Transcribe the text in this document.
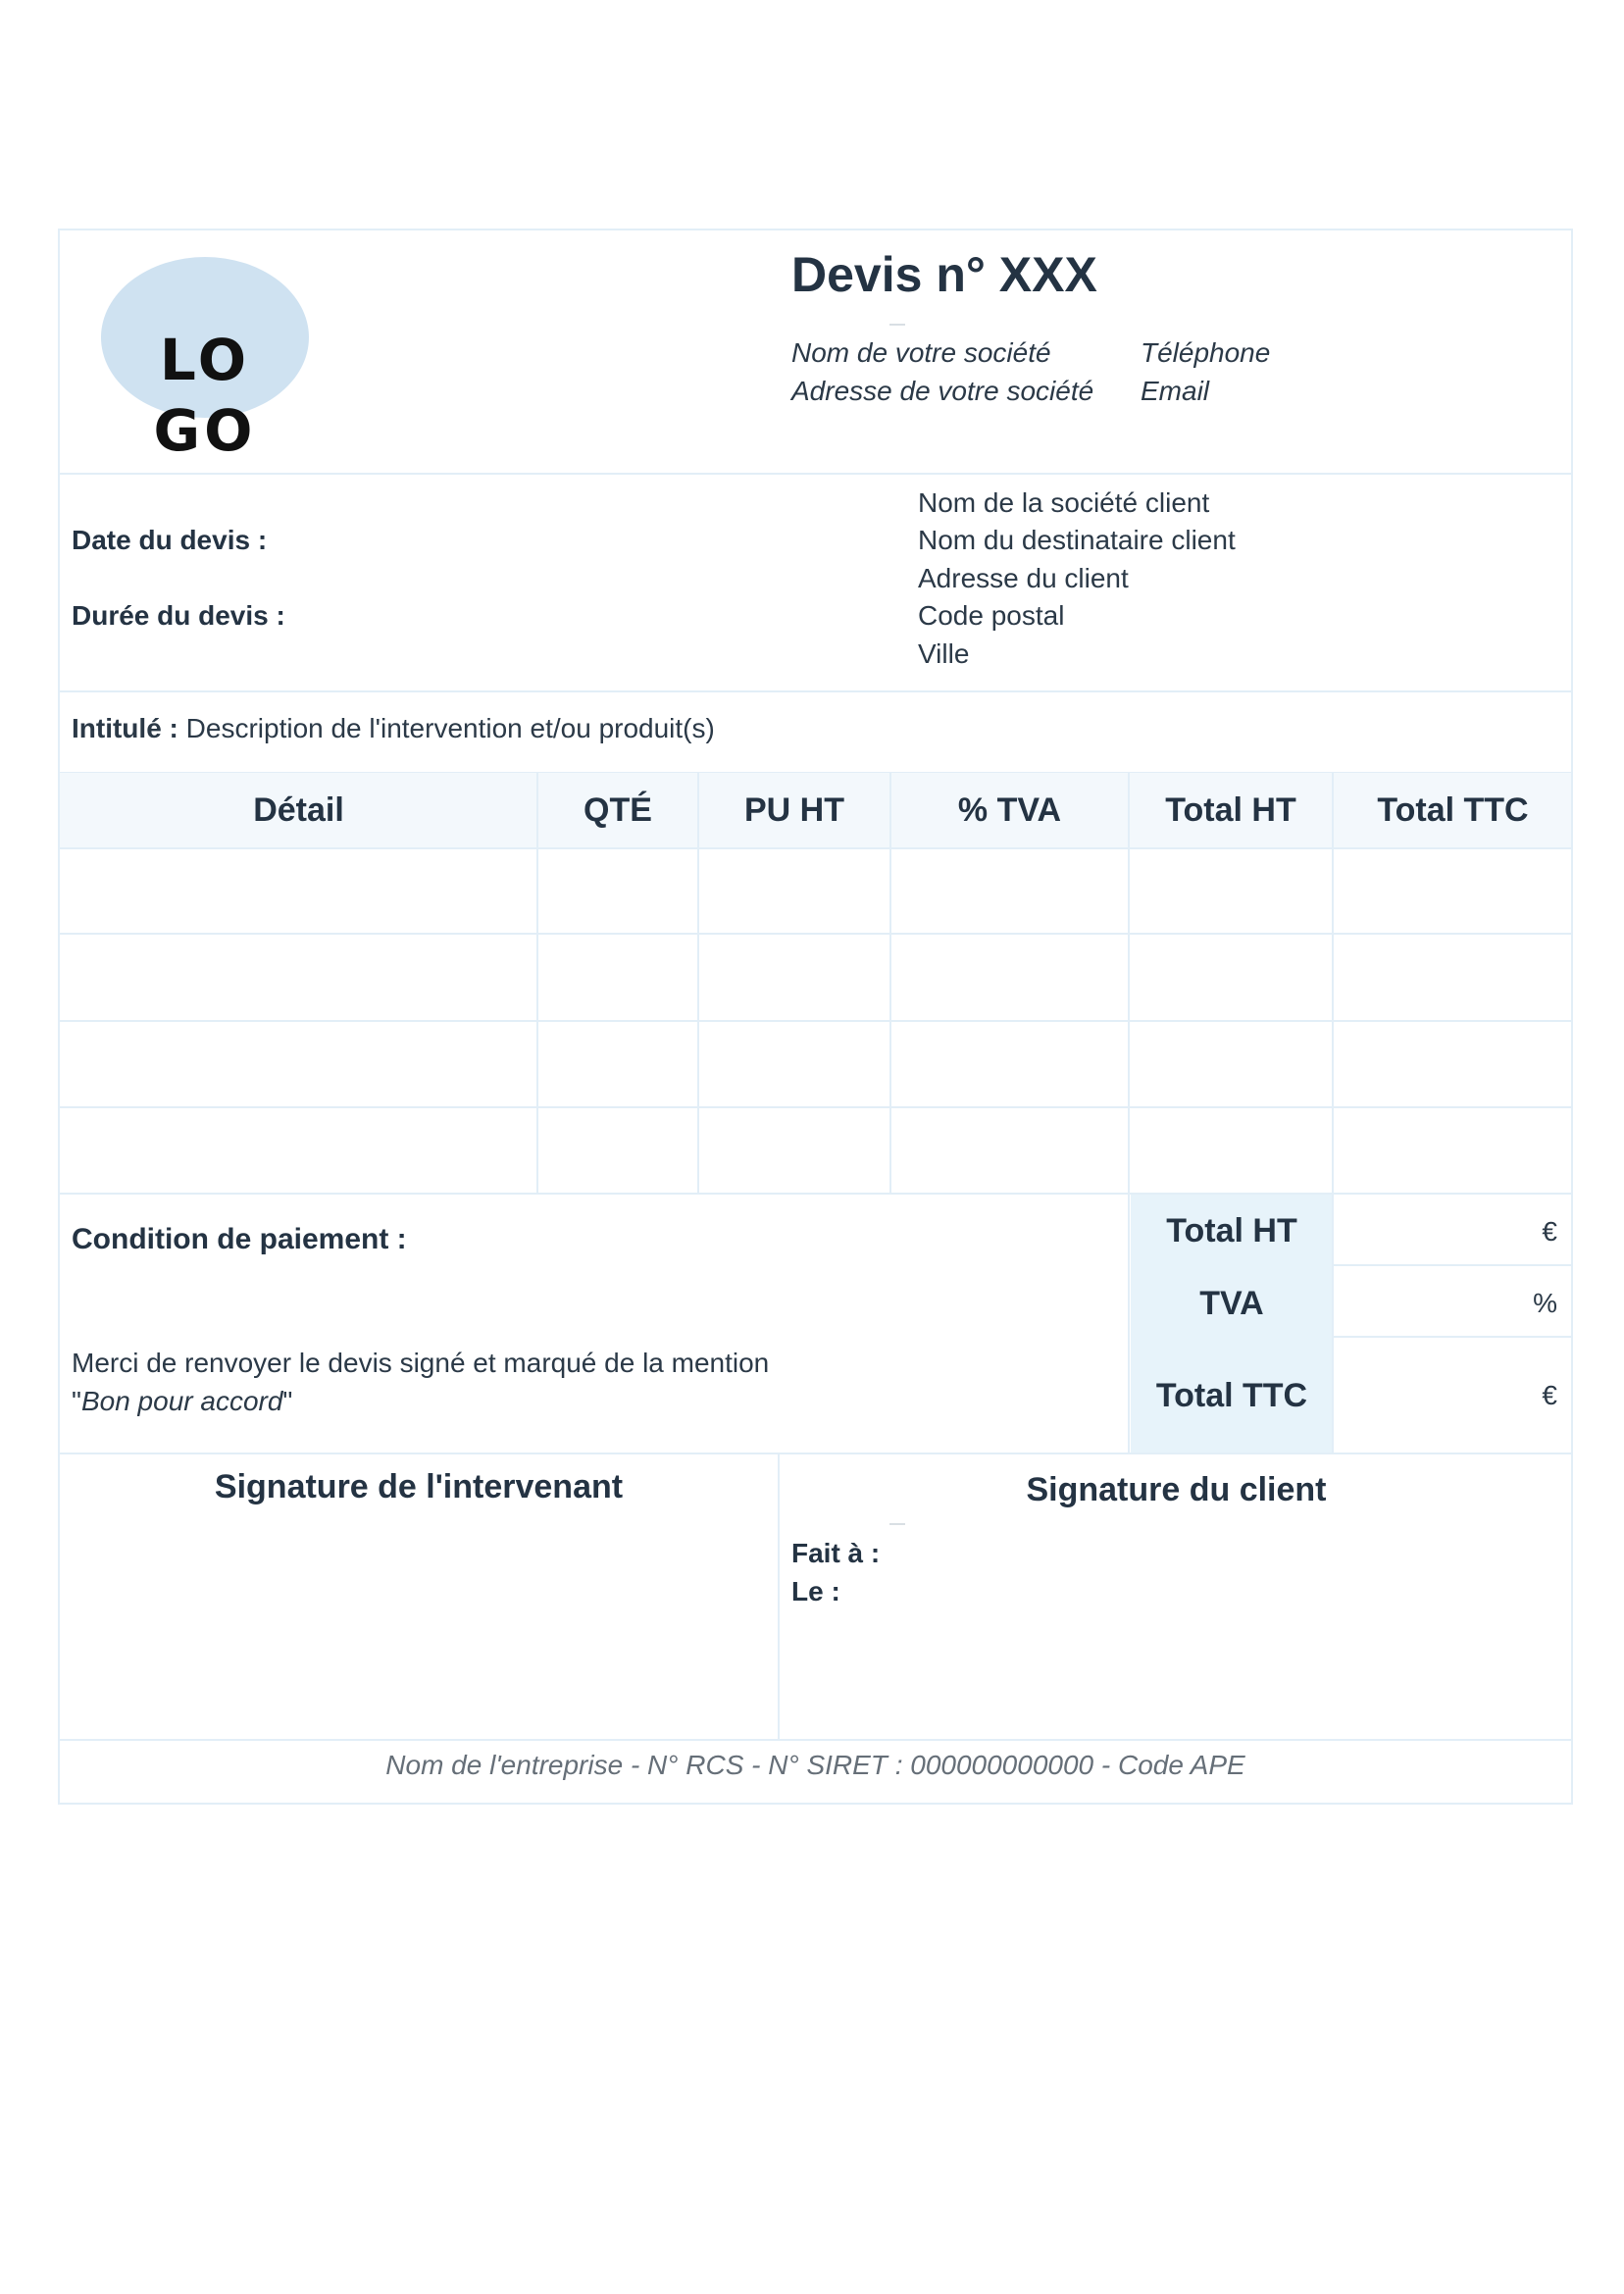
LO
GO
Devis n° XXX
Nom de votre société
Adresse de votre société
Téléphone
Email
Date du devis :
Durée du devis :
Nom de la société client
Nom du destinataire client
Adresse du client
Code postal
Ville
Intitulé : Description de l'intervention et/ou produit(s)
Détail	QTÉ	PU HT	% TVA	Total HT	Total TTC
Condition de paiement :
Merci de renvoyer le devis signé et marqué de la mention
"Bon pour accord"
Total HT	€
TVA	%
Total TTC	€
Signature de l'intervenant	Signature du client
Fait à :
Le :
Nom de l'entreprise - N° RCS - N° SIRET : 000000000000 - Code APE
